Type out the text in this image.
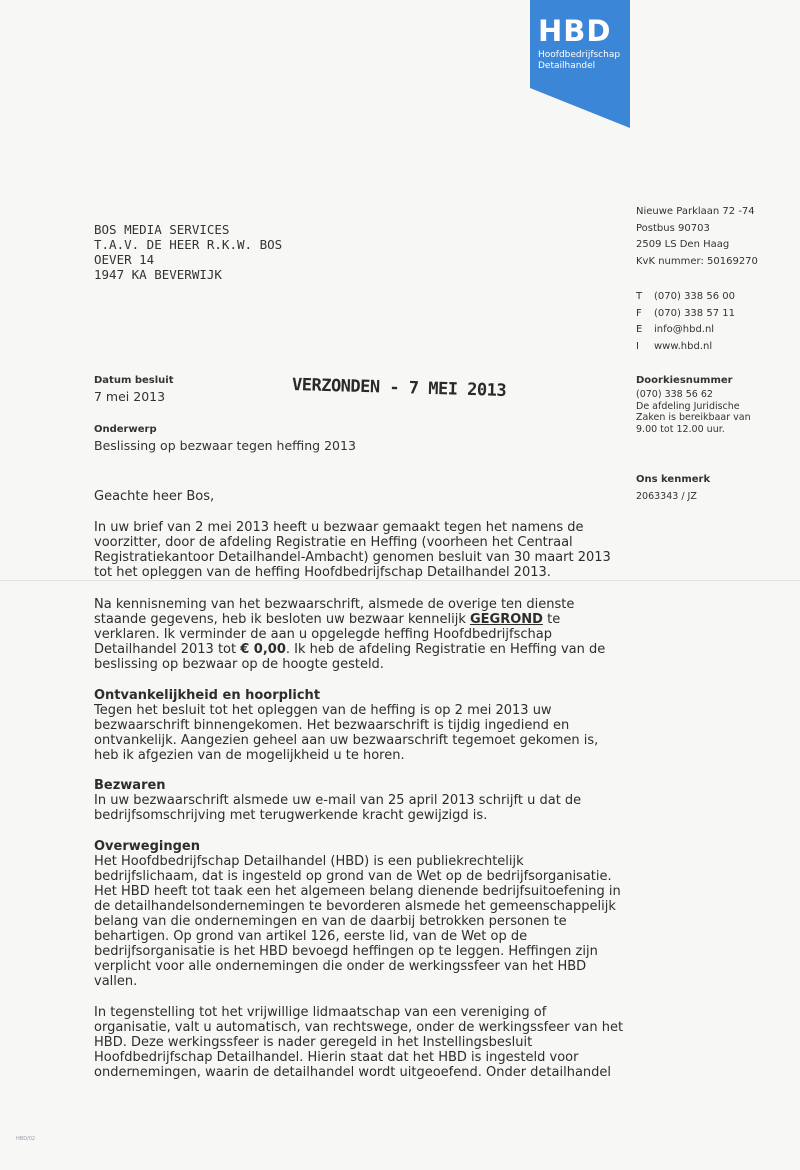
HBD
Hoofdbedrijfschap
Detailhandel
BOS MEDIA SERVICES
T.A.V. DE HEER R.K.W. BOS
OEVER 14
1947 KA BEVERWIJK
Nieuwe Parklaan 72 -74
Postbus 90703
2509 LS Den Haag
KvK nummer: 50169270
T	(070) 338 56 00
F	(070) 338 57 11
E	info@hbd.nl
I	www.hbd.nl
Doorkiesnummer
(070) 338 56 62
De afdeling Juridische
Zaken is bereikbaar van
9.00 tot 12.00 uur.
Ons kenmerk
2063343 / JZ
Datum besluit
7 mei 2013
Onderwerp
Beslissing op bezwaar tegen heffing 2013
VERZONDEN - 7 MEI 2013

Geachte heer Bos,

In uw brief van 2 mei 2013 heeft u bezwaar gemaakt tegen het namens de

voorzitter, door de afdeling Registratie en Heffing (voorheen het Centraal

Registratiekantoor Detailhandel-Ambacht) genomen besluit van 30 maart 2013

tot het opleggen van de heffing Hoofdbedrijfschap Detailhandel 2013.

Na kennisneming van het bezwaarschrift, alsmede de overige ten dienste

staande gegevens, heb ik besloten uw bezwaar kennelijk GEGROND te

verklaren. Ik verminder de aan u opgelegde heffing Hoofdbedrijfschap

Detailhandel 2013 tot € 0,00. Ik heb de afdeling Registratie en Heffing van de

beslissing op bezwaar op de hoogte gesteld.

Ontvankelijkheid en hoorplicht

Tegen het besluit tot het opleggen van de heffing is op 2 mei 2013 uw

bezwaarschrift binnengekomen. Het bezwaarschrift is tijdig ingediend en

ontvankelijk. Aangezien geheel aan uw bezwaarschrift tegemoet gekomen is,

heb ik afgezien van de mogelijkheid u te horen.

Bezwaren

In uw bezwaarschrift alsmede uw e-mail van 25 april 2013 schrijft u dat de

bedrijfsomschrijving met terugwerkende kracht gewijzigd is.

Overwegingen

Het Hoofdbedrijfschap Detailhandel (HBD) is een publiekrechtelijk

bedrijfslichaam, dat is ingesteld op grond van de Wet op de bedrijfsorganisatie.

Het HBD heeft tot taak een het algemeen belang dienende bedrijfsuitoefening in

de detailhandelsondernemingen te bevorderen alsmede het gemeenschappelijk

belang van die ondernemingen en van de daarbij betrokken personen te

behartigen. Op grond van artikel 126, eerste lid, van de Wet op de

bedrijfsorganisatie is het HBD bevoegd heffingen op te leggen. Heffingen zijn

verplicht voor alle ondernemingen die onder de werkingssfeer van het HBD

vallen.

In tegenstelling tot het vrijwillige lidmaatschap van een vereniging of

organisatie, valt u automatisch, van rechtswege, onder de werkingssfeer van het

HBD. Deze werkingssfeer is nader geregeld in het Instellingsbesluit

Hoofdbedrijfschap Detailhandel. Hierin staat dat het HBD is ingesteld voor

ondernemingen, waarin de detailhandel wordt uitgeoefend. Onder detailhandel

HBD/02
